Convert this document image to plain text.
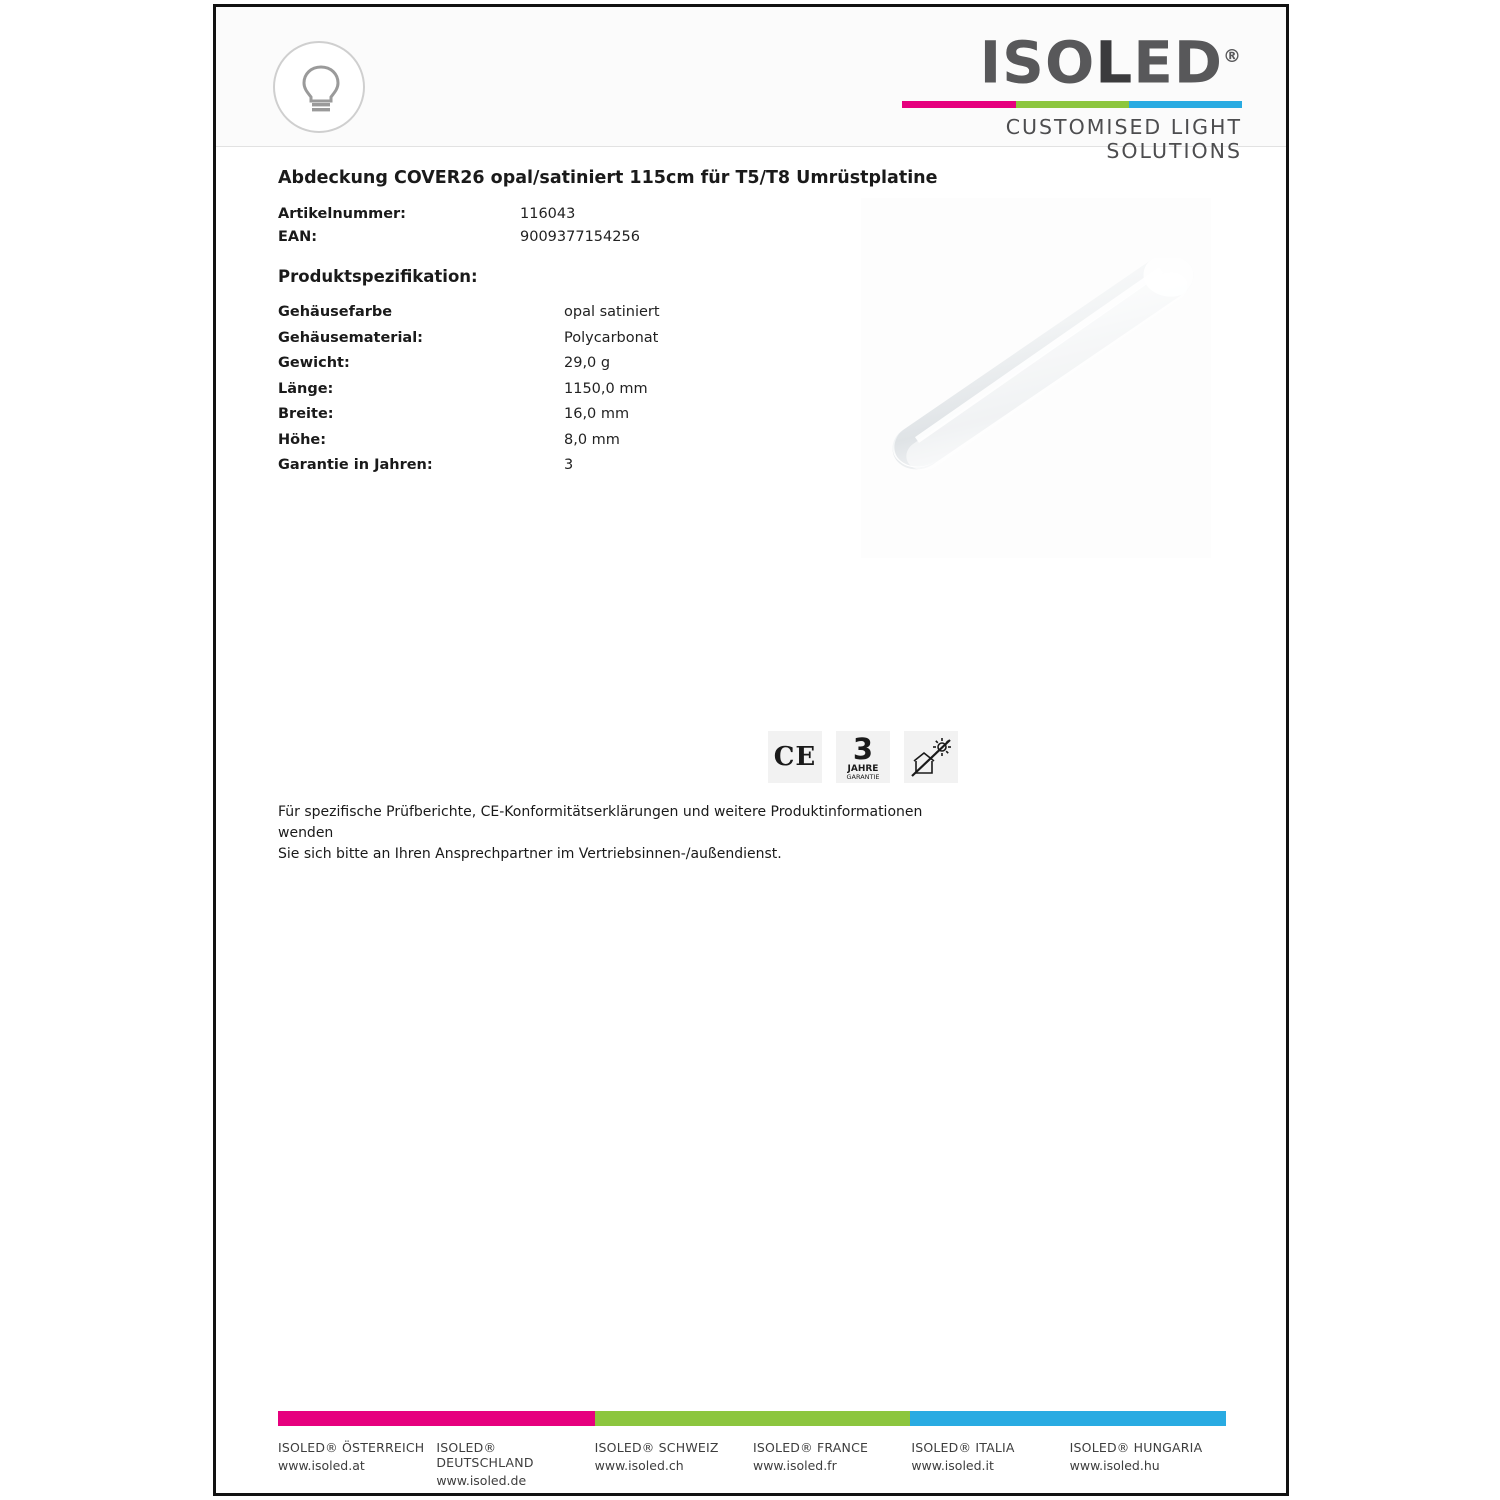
ISOLED®
CUSTOMISED LIGHT SOLUTIONS
Abdeckung COVER26 opal/satiniert 115cm für T5/T8 Umrüstplatine
Artikelnummer:	116043
EAN:	9009377154256
Produktspezifikation:
Gehäusefarbe	opal satiniert
Gehäusematerial:	Polycarbonat
Gewicht:	29,0 g
Länge:	1150,0 mm
Breite:	16,0 mm
Höhe:	8,0 mm
Garantie in Jahren:	3
CE	3
JAHRE
GARANTIE
Für spezifische Prüfberichte, CE-Konformitätserklärungen und weitere Produktinformationen wenden
Sie sich bitte an Ihren Ansprechpartner im Vertriebsinnen-/außendienst.
ISOLED® ÖSTERREICH
www.isoled.at
ISOLED® DEUTSCHLAND
www.isoled.de
ISOLED® SCHWEIZ
www.isoled.ch
ISOLED® FRANCE
www.isoled.fr
ISOLED® ITALIA
www.isoled.it
ISOLED® HUNGARIA
www.isoled.hu
